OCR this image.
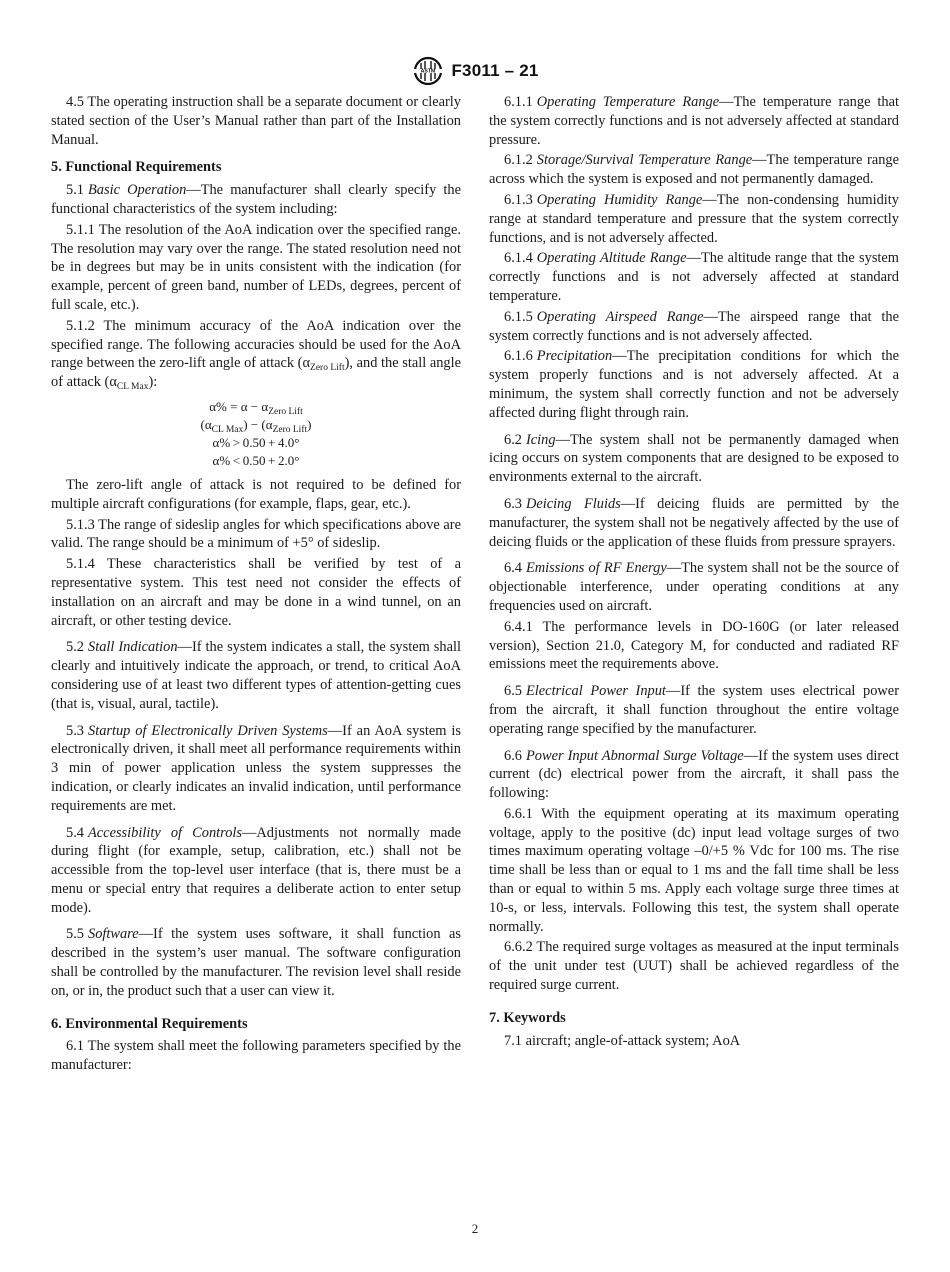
ASTM F3011 – 21

4.5 The operating instruction shall be a separate document or clearly stated section of the User’s Manual rather than part of the Installation Manual.

5. Functional Requirements

5.1 Basic Operation—The manufacturer shall clearly specify the functional characteristics of the system including:

5.1.1 The resolution of the AoA indication over the specified range. The resolution may vary over the range. The stated resolution need not be in degrees but may be in units consistent with the indication (for example, percent of green band, number of LEDs, degrees, percent of full scale, etc.).

5.1.2 The minimum accuracy of the AoA indication over the specified range. The following accuracies should be used for the AoA range between the zero-lift angle of attack $(\alpha_{Zero Lift})$, and the stall angle of attack $(\alpha_{CL Max})$:

$\alpha\% = \alpha - \alpha_{Zero Lift}$
$(\alpha_{CL Max}) - (\alpha_{Zero Lift})$
α% > 0.50 + 4.0°
α% < 0.50 + 2.0°

The zero-lift angle of attack is not required to be defined for multiple aircraft configurations (for example, flaps, gear, etc.).

5.1.3 The range of sideslip angles for which specifications above are valid. The range should be a minimum of +5° of sideslip.

5.1.4 These characteristics shall be verified by test of a representative system. This test need not consider the effects of installation on an aircraft and may be done in a wind tunnel, on an aircraft, or other testing device.

5.2 Stall Indication—If the system indicates a stall, the system shall clearly and intuitively indicate the approach, or trend, to critical AoA considering use of at least two different types of attention-getting cues (that is, visual, aural, tactile).

5.3 Startup of Electronically Driven Systems—If an AoA system is electronically driven, it shall meet all performance requirements within 3 min of power application unless the system suppresses the indication, or clearly indicates an invalid indication, until performance requirements are met.

5.4 Accessibility of Controls—Adjustments not normally made during flight (for example, setup, calibration, etc.) shall not be accessible from the top-level user interface (that is, there must be a menu or special entry that requires a deliberate action to enter setup mode).

5.5 Software—If the system uses software, it shall function as described in the system’s user manual. The software configuration shall be controlled by the manufacturer. The revision level shall reside on, or in, the product such that a user can view it.

6. Environmental Requirements

6.1 The system shall meet the following parameters specified by the manufacturer:

6.1.1 Operating Temperature Range—The temperature range that the system correctly functions and is not adversely affected at standard pressure.

6.1.2 Storage/Survival Temperature Range—The temperature range across which the system is exposed and not permanently damaged.

6.1.3 Operating Humidity Range—The non-condensing humidity range at standard temperature and pressure that the system correctly functions, and is not adversely affected.

6.1.4 Operating Altitude Range—The altitude range that the system correctly functions and is not adversely affected at standard temperature.

6.1.5 Operating Airspeed Range—The airspeed range that the system correctly functions and is not adversely affected.

6.1.6 Precipitation—The precipitation conditions for which the system properly functions and is not adversely affected. At a minimum, the system shall correctly function and not be adversely affected during flight through rain.

6.2 Icing—The system shall not be permanently damaged when icing occurs on system components that are designed to be exposed to environments external to the aircraft.

6.3 Deicing Fluids—If deicing fluids are permitted by the manufacturer, the system shall not be negatively affected by the use of deicing fluids or the application of these fluids from pressure sprayers.

6.4 Emissions of RF Energy—The system shall not be the source of objectionable interference, under operating conditions at any frequencies used on aircraft.

6.4.1 The performance levels in DO-160G (or later released version), Section 21.0, Category M, for conducted and radiated RF emissions meet the requirements above.

6.5 Electrical Power Input—If the system uses electrical power from the aircraft, it shall function throughout the entire voltage operating range specified by the manufacturer.

6.6 Power Input Abnormal Surge Voltage—If the system uses direct current (dc) electrical power from the aircraft, it shall pass the following:

6.6.1 With the equipment operating at its maximum operating voltage, apply to the positive (dc) input lead voltage surges of two times maximum operating voltage –0/+5 % Vdc for 100 ms. The rise time shall be less than or equal to 1 ms and the fall time shall be less than or equal to within 5 ms. Apply each voltage surge three times at 10-s, or less, intervals. Following this test, the system shall operate normally.

6.6.2 The required surge voltages as measured at the input terminals of the unit under test (UUT) shall be achieved regardless of the required surge current.

7. Keywords

7.1 aircraft; angle-of-attack system; AoA

2
